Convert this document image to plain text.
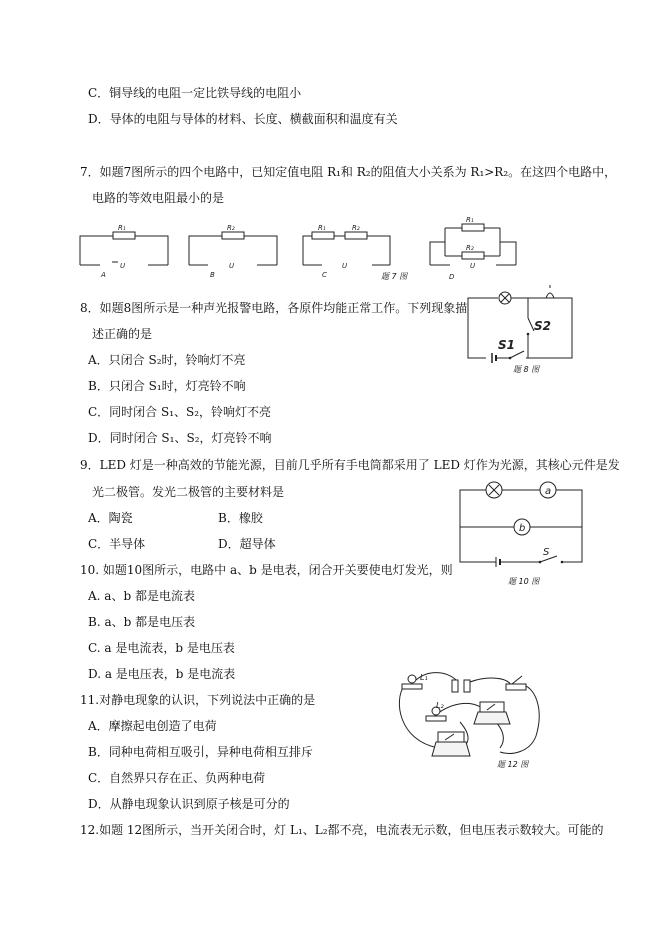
C．铜导线的电阻一定比铁导线的电阻小
D．导体的电阻与导体的材料、长度、横截面积和温度有关
7．如题7图所示的四个电路中，已知定值电阻 R₁和 R₂的阻值大小关系为 R₁>R₂。在这四个电路中，
电路的等效电阻最小的是
R₁
U
A
R₂
U
B
R₁	R₂
U
C
R₁
R₂
U
D
题 7 图
8．如题8图所示是一种声光报警电路，各原件均能正常工作。下列现象描
述正确的是
A．只闭合 S₂时，铃响灯不亮
B．只闭合 S₁时，灯亮铃不响
C．同时闭合 S₁、S₂，铃响灯不亮
D．同时闭合 S₁、S₂，灯亮铃不响
S1
S2
题 8 图
9．LED 灯是一种高效的节能光源，目前几乎所有手电筒都采用了 LED 灯作为光源，其核心元件是发
光二极管。发光二极管的主要材料是
A．陶瓷	B．橡胶
C．半导体	D．超导体
a
b
S
题 10 图
10. 如题10图所示，电路中 a、b 是电表，闭合开关要使电灯发光，则
A. a、b 都是电流表
B. a、b 都是电压表
C. a 是电流表，b 是电压表
D. a 是电压表，b 是电流表
11.对静电现象的认识，下列说法中正确的是
A．摩擦起电创造了电荷
B．同种电荷相互吸引，异种电荷相互排斥
C．自然界只存在正、负两种电荷
D．从静电现象认识到原子核是可分的
L₁
L₂
题 12 图
12.如题 12图所示，当开关闭合时，灯 L₁、L₂都不亮，电流表无示数，但电压表示数较大。可能的
